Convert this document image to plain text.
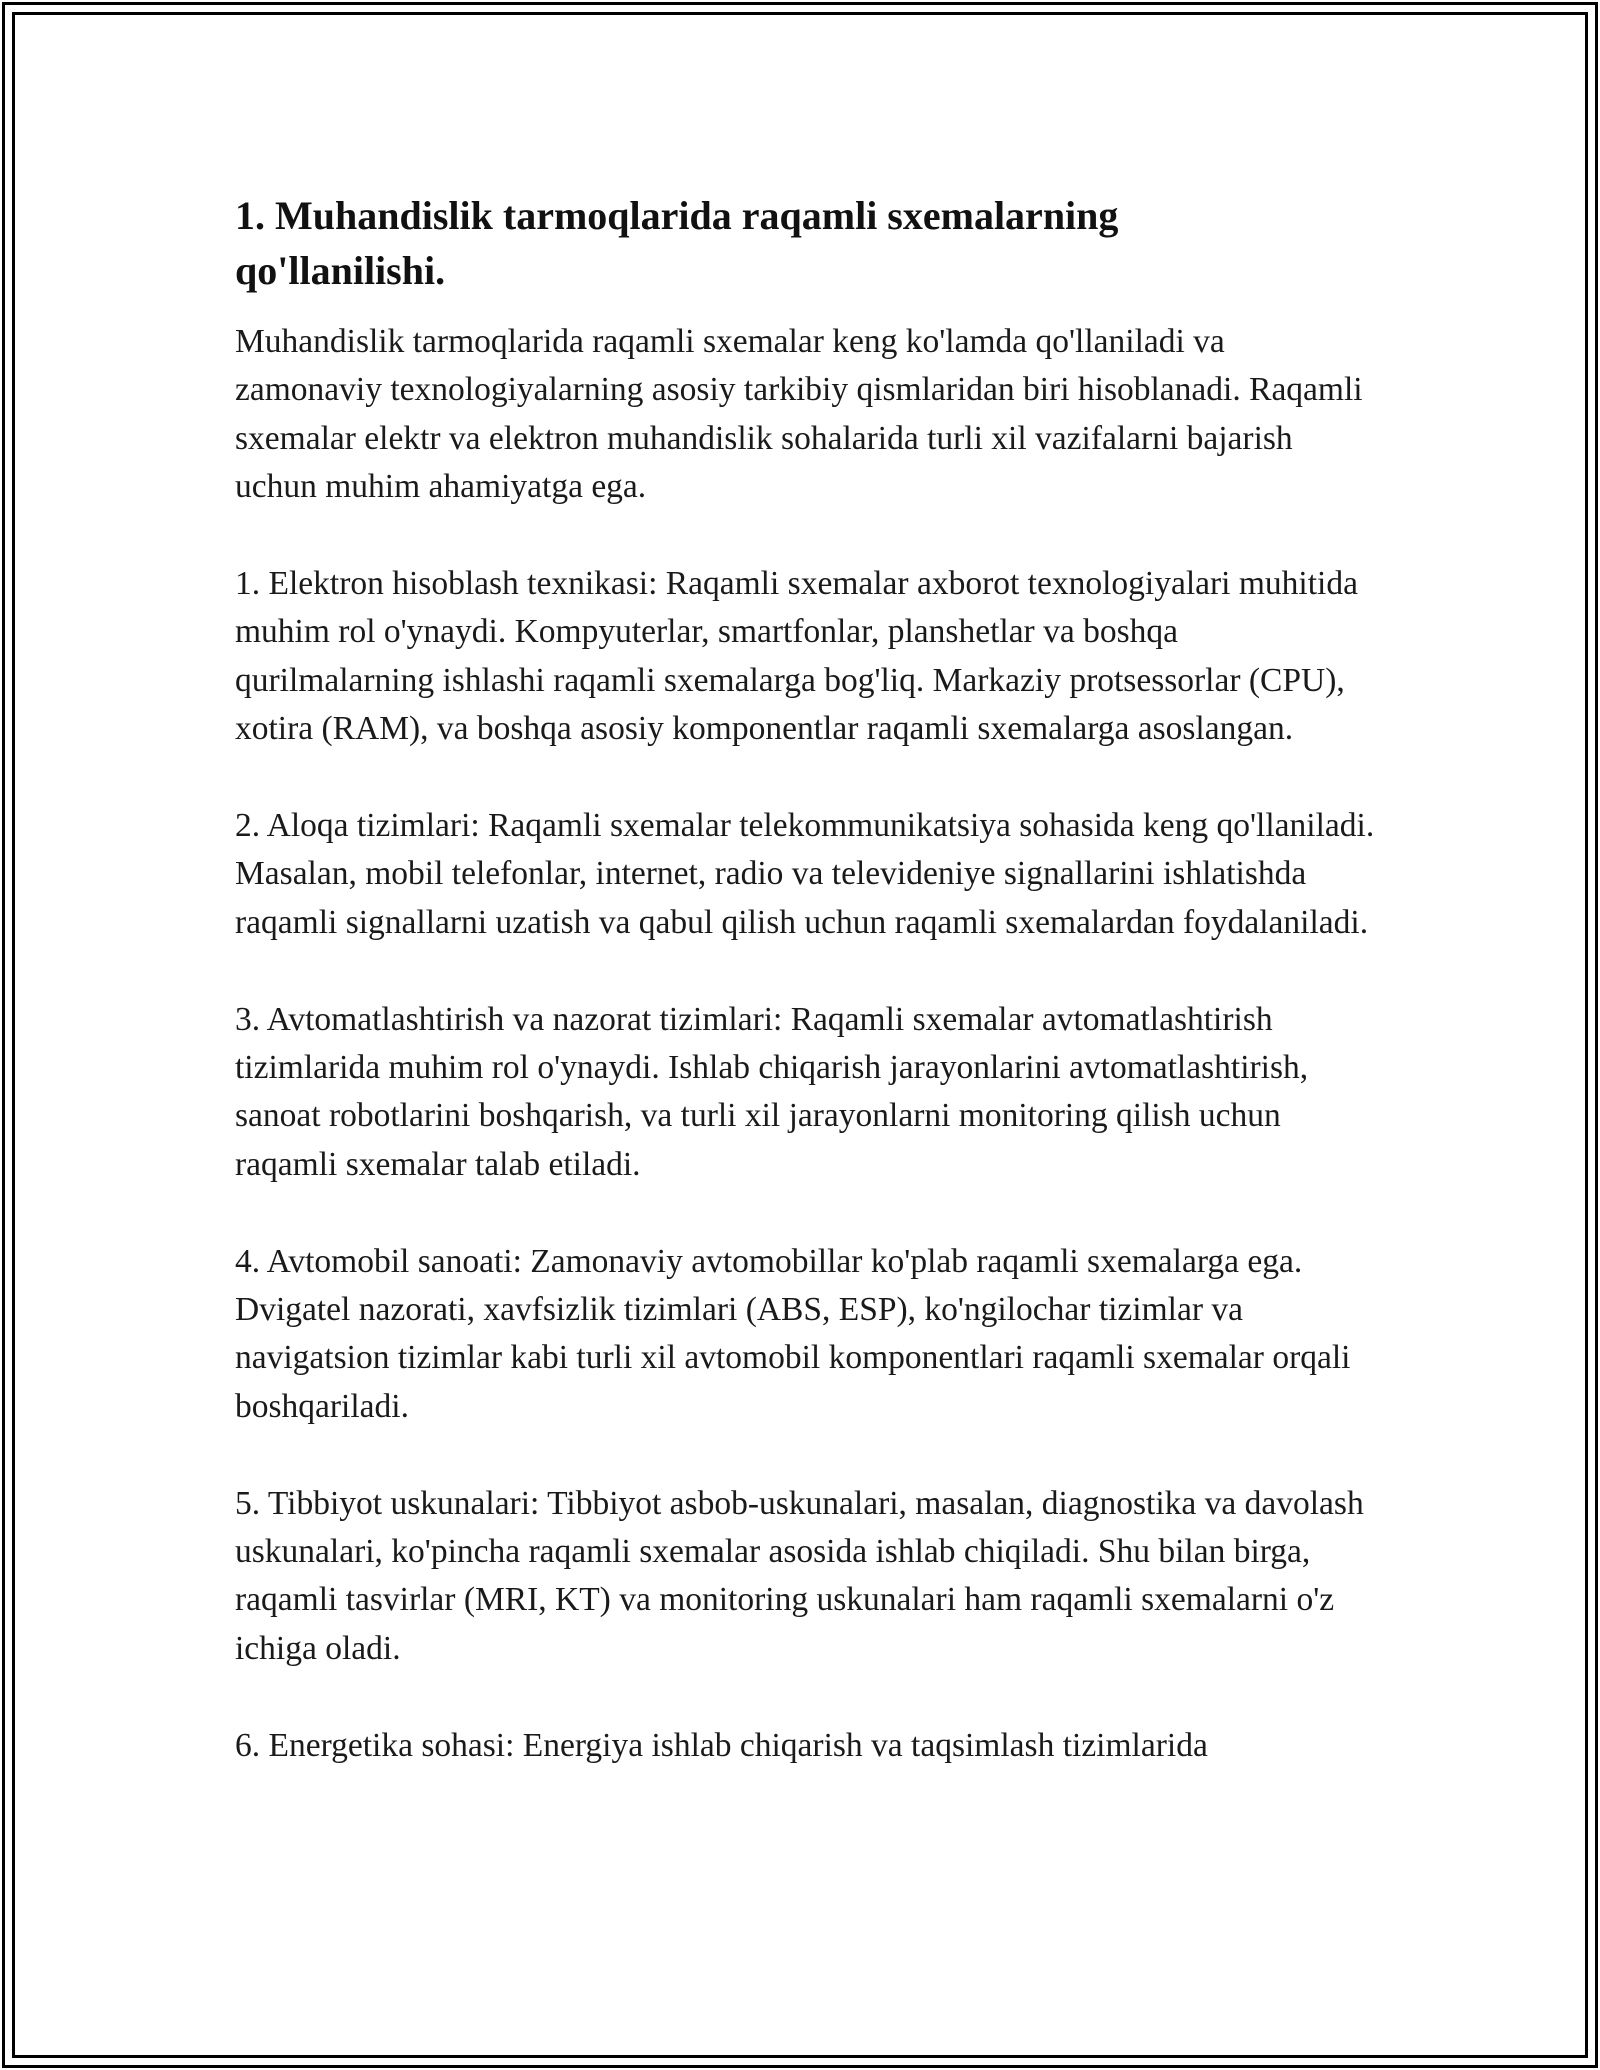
1. Muhandislik tarmoqlarida raqamli sxemalarning qo'llanilishi.

Muhandislik tarmoqlarida raqamli sxemalar keng ko'lamda qo'llaniladi va zamonaviy texnologiyalarning asosiy tarkibiy qismlaridan biri hisoblanadi. Raqamli sxemalar elektr va elektron muhandislik sohalarida turli xil vazifalarni bajarish uchun muhim ahamiyatga ega.

1. Elektron hisoblash texnikasi: Raqamli sxemalar axborot texnologiyalari muhitida muhim rol o'ynaydi. Kompyuterlar, smartfonlar, planshetlar va boshqa qurilmalarning ishlashi raqamli sxemalarga bog'liq. Markaziy protsessorlar (CPU), xotira (RAM), va boshqa asosiy komponentlar raqamli sxemalarga asoslangan.

2. Aloqa tizimlari: Raqamli sxemalar telekommunikatsiya sohasida keng qo'llaniladi. Masalan, mobil telefonlar, internet, radio va televideniye signallarini ishlatishda raqamli signallarni uzatish va qabul qilish uchun raqamli sxemalardan foydalaniladi.

3. Avtomatlashtirish va nazorat tizimlari: Raqamli sxemalar avtomatlashtirish tizimlarida muhim rol o'ynaydi. Ishlab chiqarish jarayonlarini avtomatlashtirish, sanoat robotlarini boshqarish, va turli xil jarayonlarni monitoring qilish uchun raqamli sxemalar talab etiladi.

4. Avtomobil sanoati: Zamonaviy avtomobillar ko'plab raqamli sxemalarga ega. Dvigatel nazorati, xavfsizlik tizimlari (ABS, ESP), ko'ngilochar tizimlar va navigatsion tizimlar kabi turli xil avtomobil komponentlari raqamli sxemalar orqali boshqariladi.

5. Tibbiyot uskunalari: Tibbiyot asbob-uskunalari, masalan, diagnostika va davolash uskunalari, ko'pincha raqamli sxemalar asosida ishlab chiqiladi. Shu bilan birga, raqamli tasvirlar (MRI, KT) va monitoring uskunalari ham raqamli sxemalarni o'z ichiga oladi.

6. Energetika sohasi: Energiya ishlab chiqarish va taqsimlash tizimlarida
